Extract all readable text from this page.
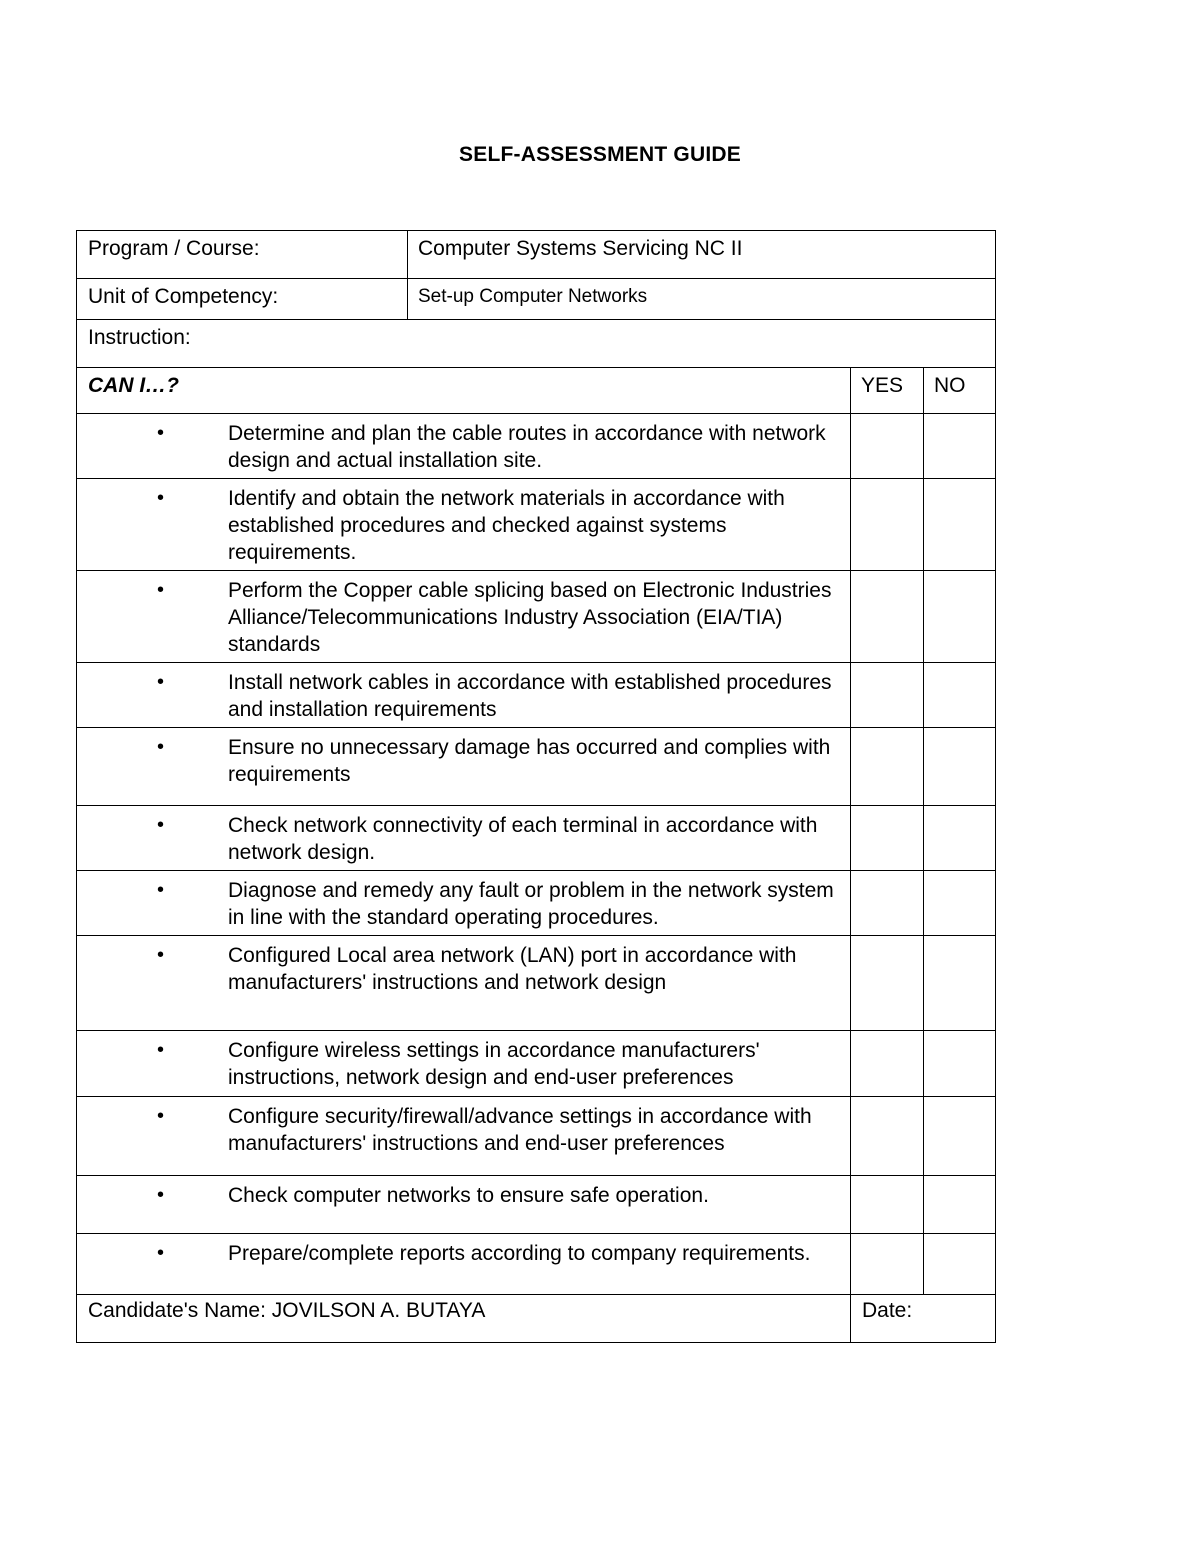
SELF-ASSESSMENT GUIDE
Program / Course:	Computer Systems Servicing NC II		
Unit of Competency:	Set-up Computer Networks		
Instruction:			
CAN I…?		YES	NO

• Determine and plan the cable routes in accordance with network design and actual installation site.			

• Identify and obtain the network materials in accordance with established procedures and checked against systems requirements.			

• Perform the Copper cable splicing based on Electronic Industries Alliance/Telecommunications Industry Association (EIA/TIA) standards			

• Install network cables in accordance with established procedures and installation requirements			

• Ensure no unnecessary damage has occurred and complies with requirements			

• Check network connectivity of each terminal in accordance with network design.			

• Diagnose and remedy any fault or problem in the network system in line with the standard operating procedures.			

• Configured Local area network (LAN) port in accordance with manufacturers' instructions and network design			

• Configure wireless settings in accordance manufacturers' instructions, network design and end-user preferences			

• Configure security/firewall/advance settings in accordance with manufacturers' instructions and end-user preferences			

• Check computer networks to ensure safe operation.			

• Prepare/complete reports according to company requirements.			

Candidate's Name: JOVILSON A. BUTAYA		Date:	
